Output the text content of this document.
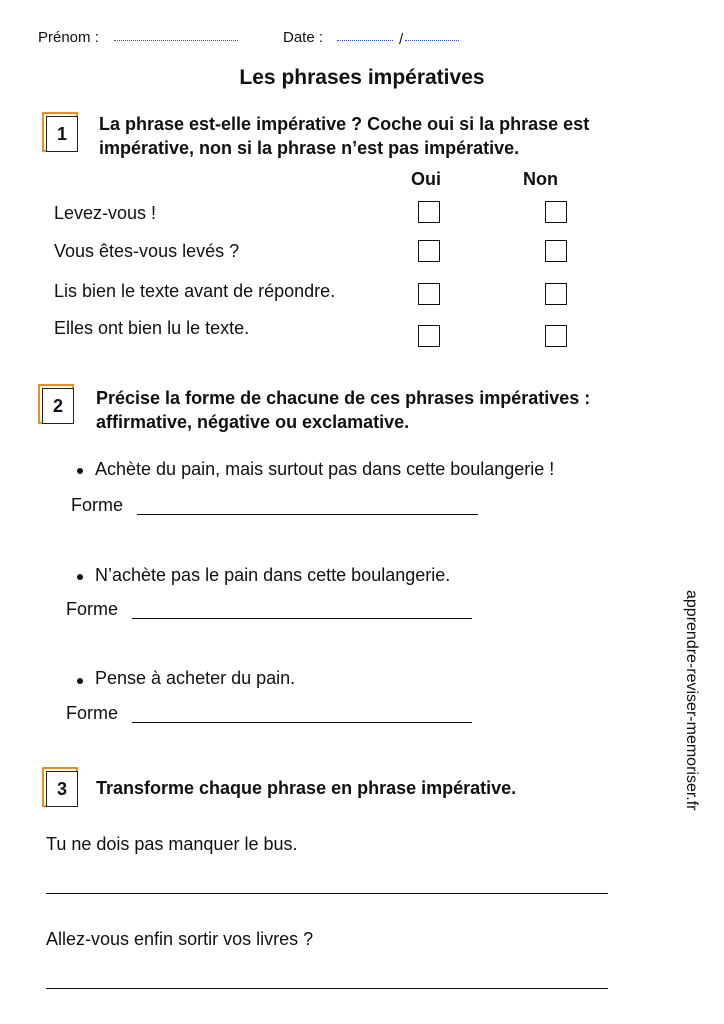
Prénom :	Date :	/
Les phrases impératives
1	La phrase est-elle impérative ? Coche oui si la phrase est impérative, non si la phrase n’est pas impérative.
Oui	Non
Levez-vous !
Vous êtes-vous levés ?
Lis bien le texte avant de répondre.
Elles ont bien lu le texte.
2	Précise la forme de chacune de ces phrases impératives : affirmative, négative ou exclamative.
Achète du pain, mais surtout pas dans cette boulangerie !
Forme
N’achète pas le pain dans cette boulangerie.
Forme
Pense à acheter du pain.
Forme
3	Transforme chaque phrase en phrase impérative.
Tu ne dois pas manquer le bus.
Allez-vous enfin sortir vos livres ?
apprendre-reviser-memoriser.fr
